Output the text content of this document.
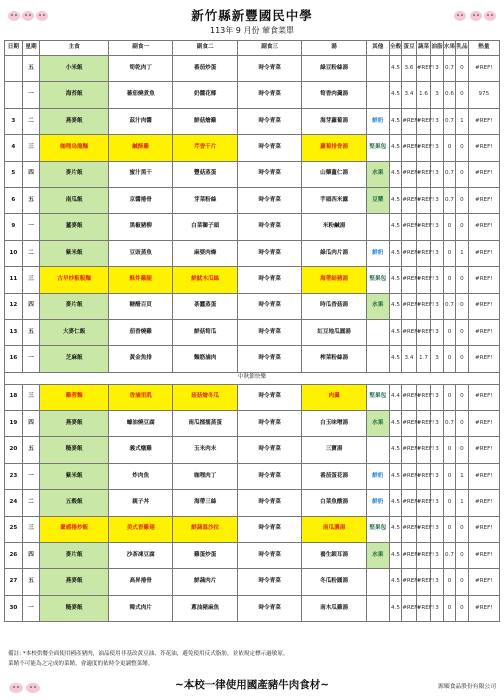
新竹縣新豐國民中學
113年 9 月份 葷食菜單
日期	星期	主食	副食一	副食二	副食三	湯	其他	全穀	蛋豆	蔬菜	油脂	水果	乳品	熱量
	五	小米飯	筍乾肉丁	番茄炒蛋	時令青菜	綠豆粉絲湯		4.5	3.6	#REF!	3	0.7	0	#REF!
	一	海苔飯	蕃茄燒煮魚	奶醬花椰	時令青菜	筍香肉羹湯		4.5	3.4	1.6	3	0.6	0	975
3	二	燕麥飯	茲汁肉醬	鮮菇燴雞	時令青菜	海芽蘿蔔湯	鮮奶	4.5	#REF!	#REF!	3	0.7	1	#REF!
4	三	咖哩烏龍麵	鹹酥雞	芹香干片	時令青菜	蘿蔔排骨湯	堅果包	4.5	#REF!	#REF!	3	0	0	#REF!
5	四	麥片飯	蜜汁黑干	豐菇蒸蛋	時令青菜	山藥薑仁湯	水果	4.5	#REF!	#REF!	3	0.7	0	#REF!
6	五	南瓜飯	京醬捲骨	芽菜粉絲	時令青菜	芋頭西米露	豆漿	4.5	#REF!	#REF!	3	0.7	0	#REF!
9	一	薑麥飯	黑椒豬柳	白菜獅子頭	時令青菜	米粉鹹湯		4.5	#REF!	#REF!	3	0	0	#REF!
10	二	紫米飯	豆豉蒸魚	麻婆肉燥	時令青菜	綠瓜肉片湯	鮮奶	4.5	#REF!	#REF!	3	0	1	#REF!
11	三	古早炒粄粄麵	酥炸雞腿	鮮魷木瓜絲	時令青菜	海帶結豬湯	堅果包	4.5	#REF!	#REF!	3	0	0	#REF!
12	四	麥片飯	糖醋百頁	茶蠶蒸蛋	時令青菜	時瓜香菇湯	水果	4.5	#REF!	#REF!	3	0.7	0	#REF!
13	五	大麥仁飯	茄香燒雞	鮮菇筍瓜	時令青菜	紅豆地瓜圓湯		4.5	#REF!	#REF!	3	0	0	#REF!
16	一	芝麻飯	黃金魚排	麵筋滷肉	時令青菜	榨菜粉絲湯		4.5	3.4	1.7	3	0	0	#REF!
中秋節快樂														
18	三	雞蓉麵	香滷里肌	菇菇燴冬瓜	時令青菜	肉羹	堅果包	4.4	#REF!	#REF!	3	0	0	#REF!
19	四	燕麥飯	蠔油燒豆腐	南瓜擂擂蒸蛋	時令青菜	白玉味噌湯	水果	4.5	#REF!	#REF!	3	0.7	0	#REF!
20	五	糙麥飯	義式燉雞	玉米肉末	時令青菜	三寶湯		4.5	#REF!	#REF!	3	0	0	#REF!
23	一	紫米飯	炸肉魚	咖哩肉丁	時令青菜	番茄蛋花湯	鮮奶	4.5	#REF!	#REF!	3	0	1	#REF!
24	二	五穀飯	親子丼	海帶三絲	時令青菜	白菜魚酸湯	鮮奶	4.5	#REF!	#REF!	3	0	1	#REF!
25	三	臺感捲炒飯	美式香雞翅	鮮蔬溫沙拉	時令青菜	南瓜濃湯	堅果包	4.5	#REF!	#REF!	3	0	0	#REF!
26	四	麥片飯	沙茶凍豆腐	雞蛋炒蛋	時令青菜	養生銀耳湯	水果	4.5	#REF!	#REF!	3	0.7	0	#REF!
27	五	燕麥飯	高昇捲骨	鮮蔬肉片	時令青菜	冬瓜粉圓湯		4.5	#REF!	#REF!	3	0	0	#REF!
30	一	糙麥飯	韓式肉片	蔥油豬麻魚	時令青菜	南木瓜雞湯		4.5	#REF!	#REF!	3	0	0	#REF!
備註: *本校供餐全面使用國產豬肉，油品使用非基改黃豆油、芥花油，避免使用反式脂肪，並依規定標示過敏原。
菜餚不可能為之完成的菜餚，會適度的依時令更調整菜餚。
~本校一律使用國產豬牛肉食材~	源順食品股份有限公司
